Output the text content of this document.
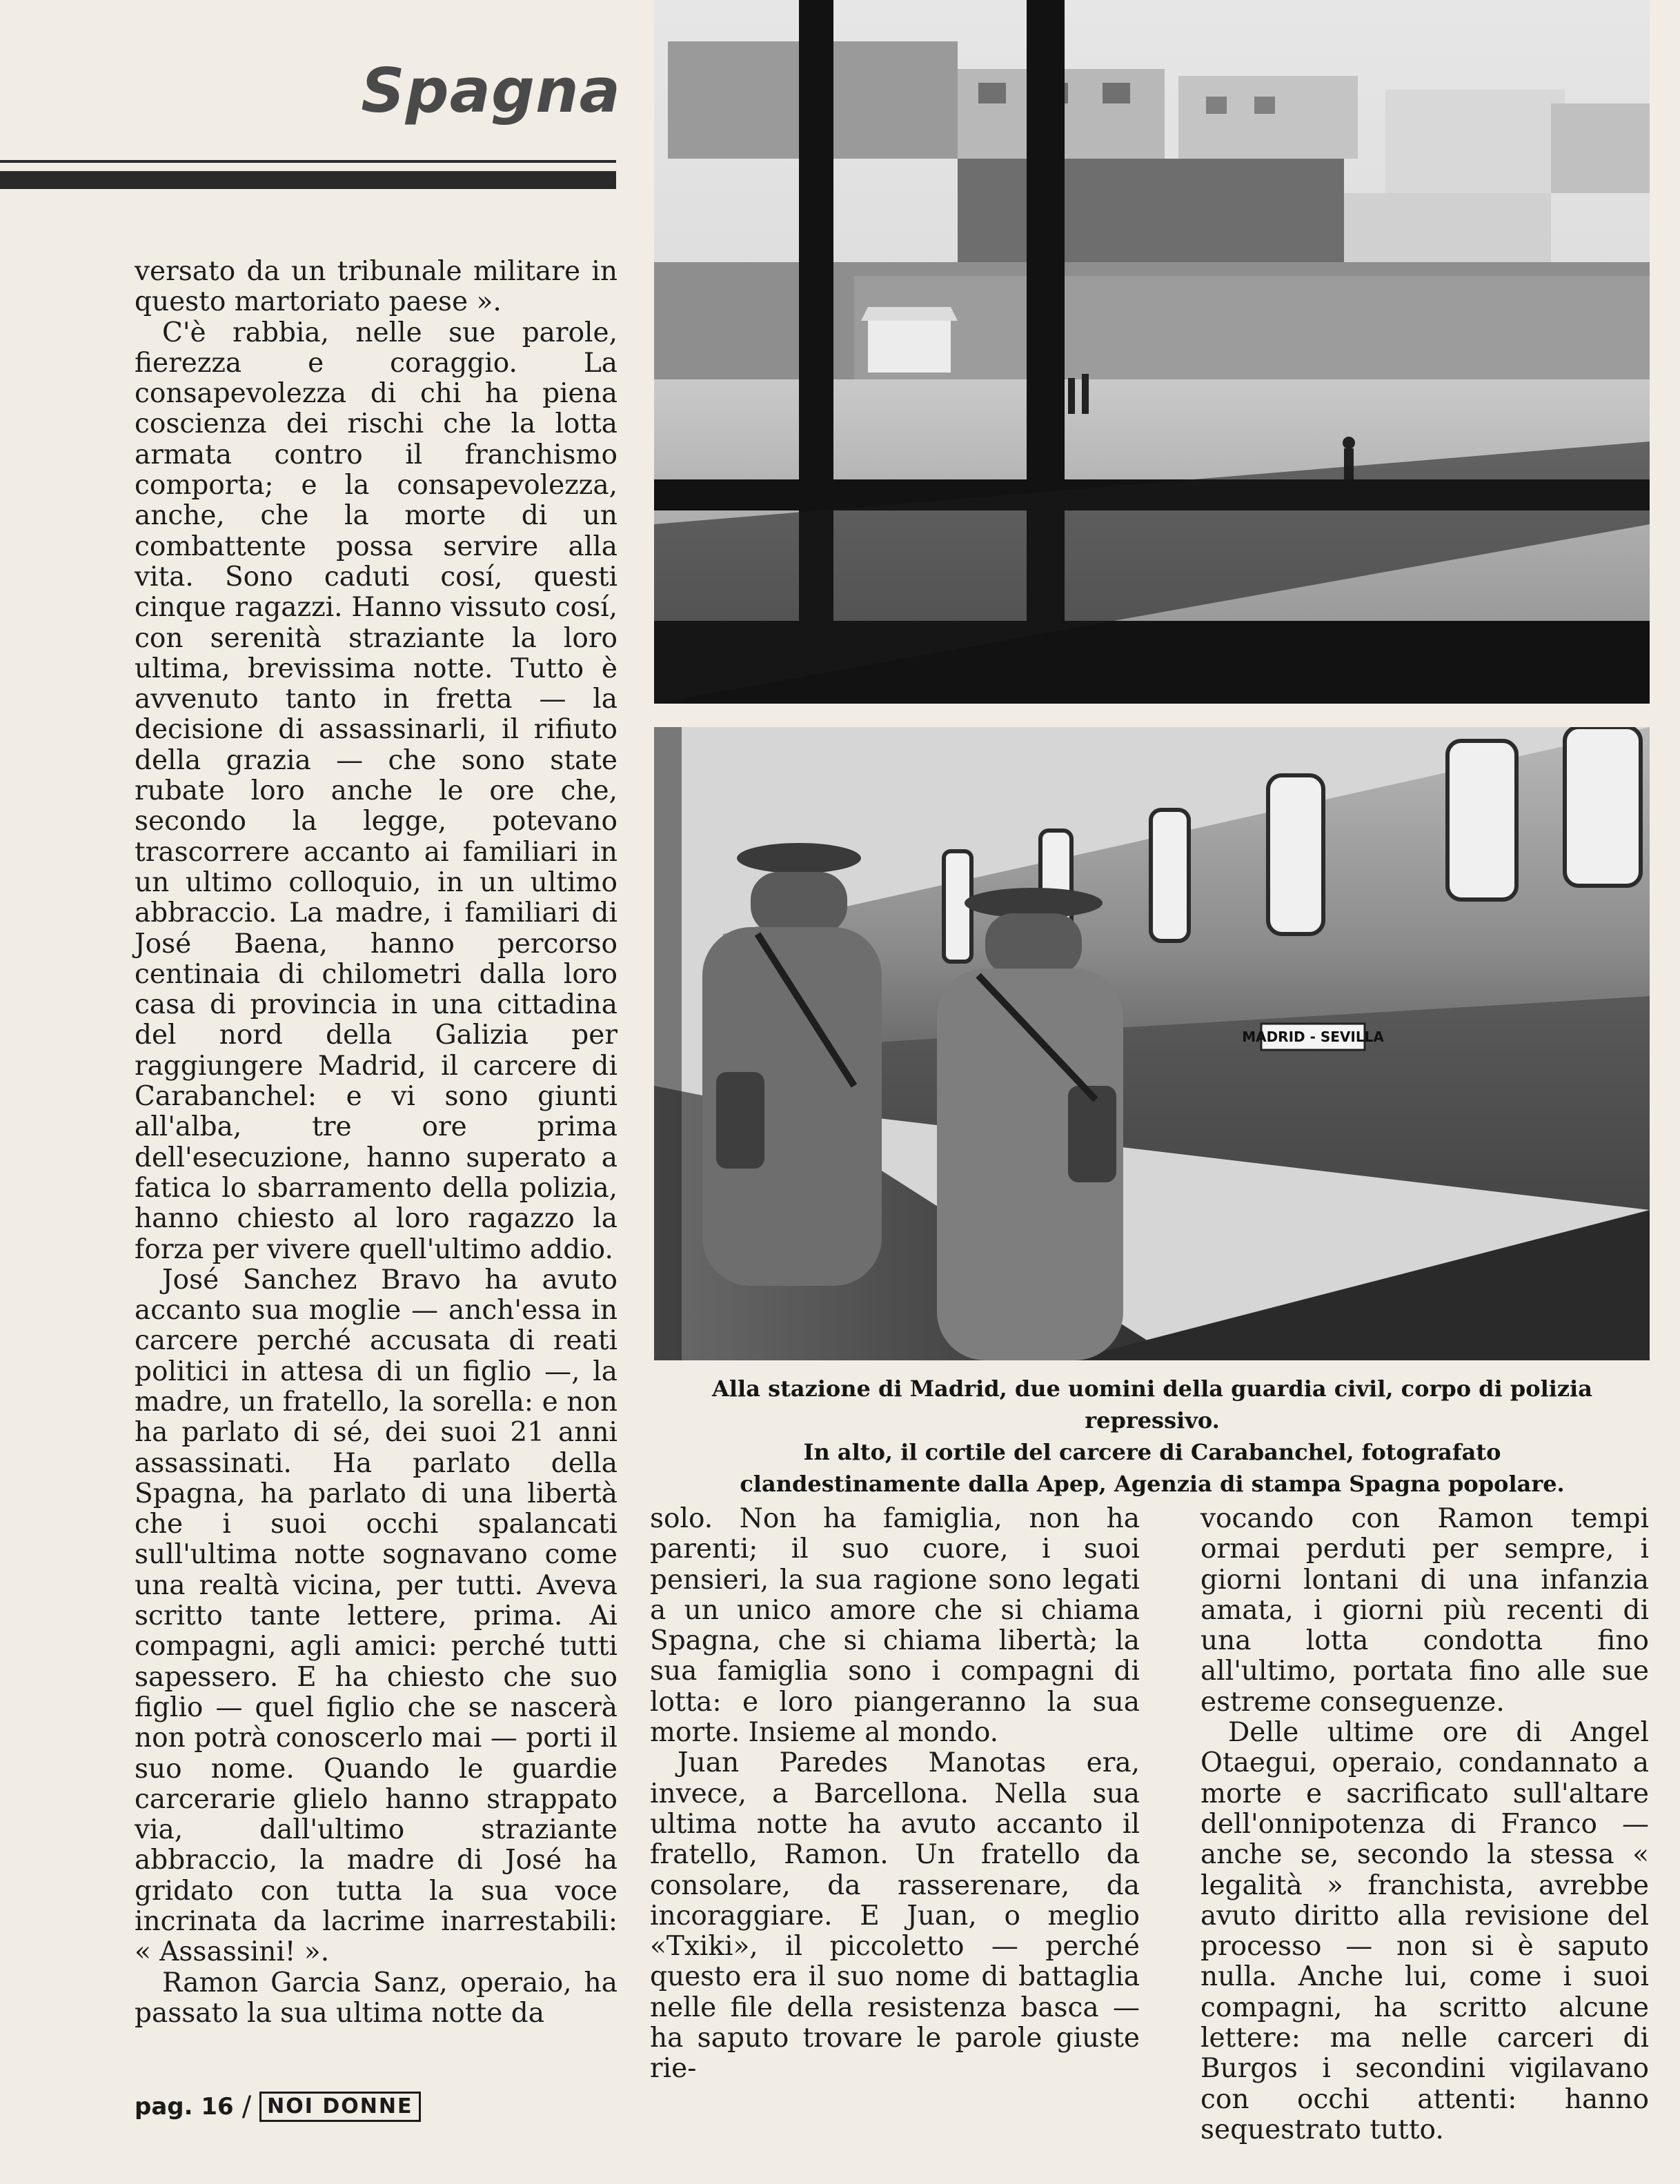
Spagna

versato da un tribunale militare in questo martoriato paese ».

C'è rabbia, nelle sue parole, fierezza e coraggio. La consapevolezza di chi ha piena coscienza dei rischi che la lotta armata contro il franchismo comporta; e la consapevolezza, anche, che la morte di un combattente possa servire alla vita. Sono caduti cosí, questi cinque ragazzi. Hanno vissuto cosí, con serenità straziante la loro ultima, brevissima notte. Tutto è avvenuto tanto in fretta — la decisione di assassinarli, il rifiuto della grazia — che sono state rubate loro anche le ore che, secondo la legge, potevano trascorrere accanto ai familiari in un ultimo colloquio, in un ultimo abbraccio. La madre, i familiari di José Baena, hanno percorso centinaia di chilometri dalla loro casa di provincia in una cittadina del nord della Galizia per raggiungere Madrid, il carcere di Carabanchel: e vi sono giunti all'alba, tre ore prima dell'esecuzione, hanno superato a fatica lo sbarramento della polizia, hanno chiesto al loro ragazzo la forza per vivere quell'ultimo addio.

José Sanchez Bravo ha avuto accanto sua moglie — anch'essa in carcere perché accusata di reati politici in attesa di un figlio —, la madre, un fratello, la sorella: e non ha parlato di sé, dei suoi 21 anni assassinati. Ha parlato della Spagna, ha parlato di una libertà che i suoi occhi spalancati sull'ultima notte sognavano come una realtà vicina, per tutti. Aveva scritto tante lettere, prima. Ai compagni, agli amici: perché tutti sapessero. E ha chiesto che suo figlio — quel figlio che se nascerà non potrà conoscerlo mai — porti il suo nome. Quando le guardie carcerarie glielo hanno strappato via, dall'ultimo straziante abbraccio, la madre di José ha gridato con tutta la sua voce incrinata da lacrime inarrestabili: « Assassini! ».

Ramon Garcia Sanz, operaio, ha passato la sua ultima notte da

MADRID - SEVILLA
Alla stazione di Madrid, due uomini della guardia civil, corpo di polizia repressivo.
In alto, il cortile del carcere di Carabanchel, fotografato
clandestinamente dalla Apep, Agenzia di stampa Spagna popolare.

solo. Non ha famiglia, non ha parenti; il suo cuore, i suoi pensieri, la sua ragione sono legati a un unico amore che si chiama Spagna, che si chiama libertà; la sua famiglia sono i compagni di lotta: e loro piangeranno la sua morte. Insieme al mondo.

Juan Paredes Manotas era, invece, a Barcellona. Nella sua ultima notte ha avuto accanto il fratello, Ramon. Un fratello da consolare, da rasserenare, da incoraggiare. E Juan, o meglio «Txiki», il piccoletto — perché questo era il suo nome di battaglia nelle file della resistenza basca — ha saputo trovare le parole giuste rie-

vocando con Ramon tempi ormai perduti per sempre, i giorni lontani di una infanzia amata, i giorni più recenti di una lotta condotta fino all'ultimo, portata fino alle sue estreme conseguenze.

Delle ultime ore di Angel Otaegui, operaio, condannato a morte e sacrificato sull'altare dell'onnipotenza di Franco — anche se, secondo la stessa « legalità » franchista, avrebbe avuto diritto alla revisione del processo — non si è saputo nulla. Anche lui, come i suoi compagni, ha scritto alcune lettere: ma nelle carceri di Burgos i secondini vigilavano con occhi attenti: hanno sequestrato tutto.

pag. 16 / NOI DONNE
